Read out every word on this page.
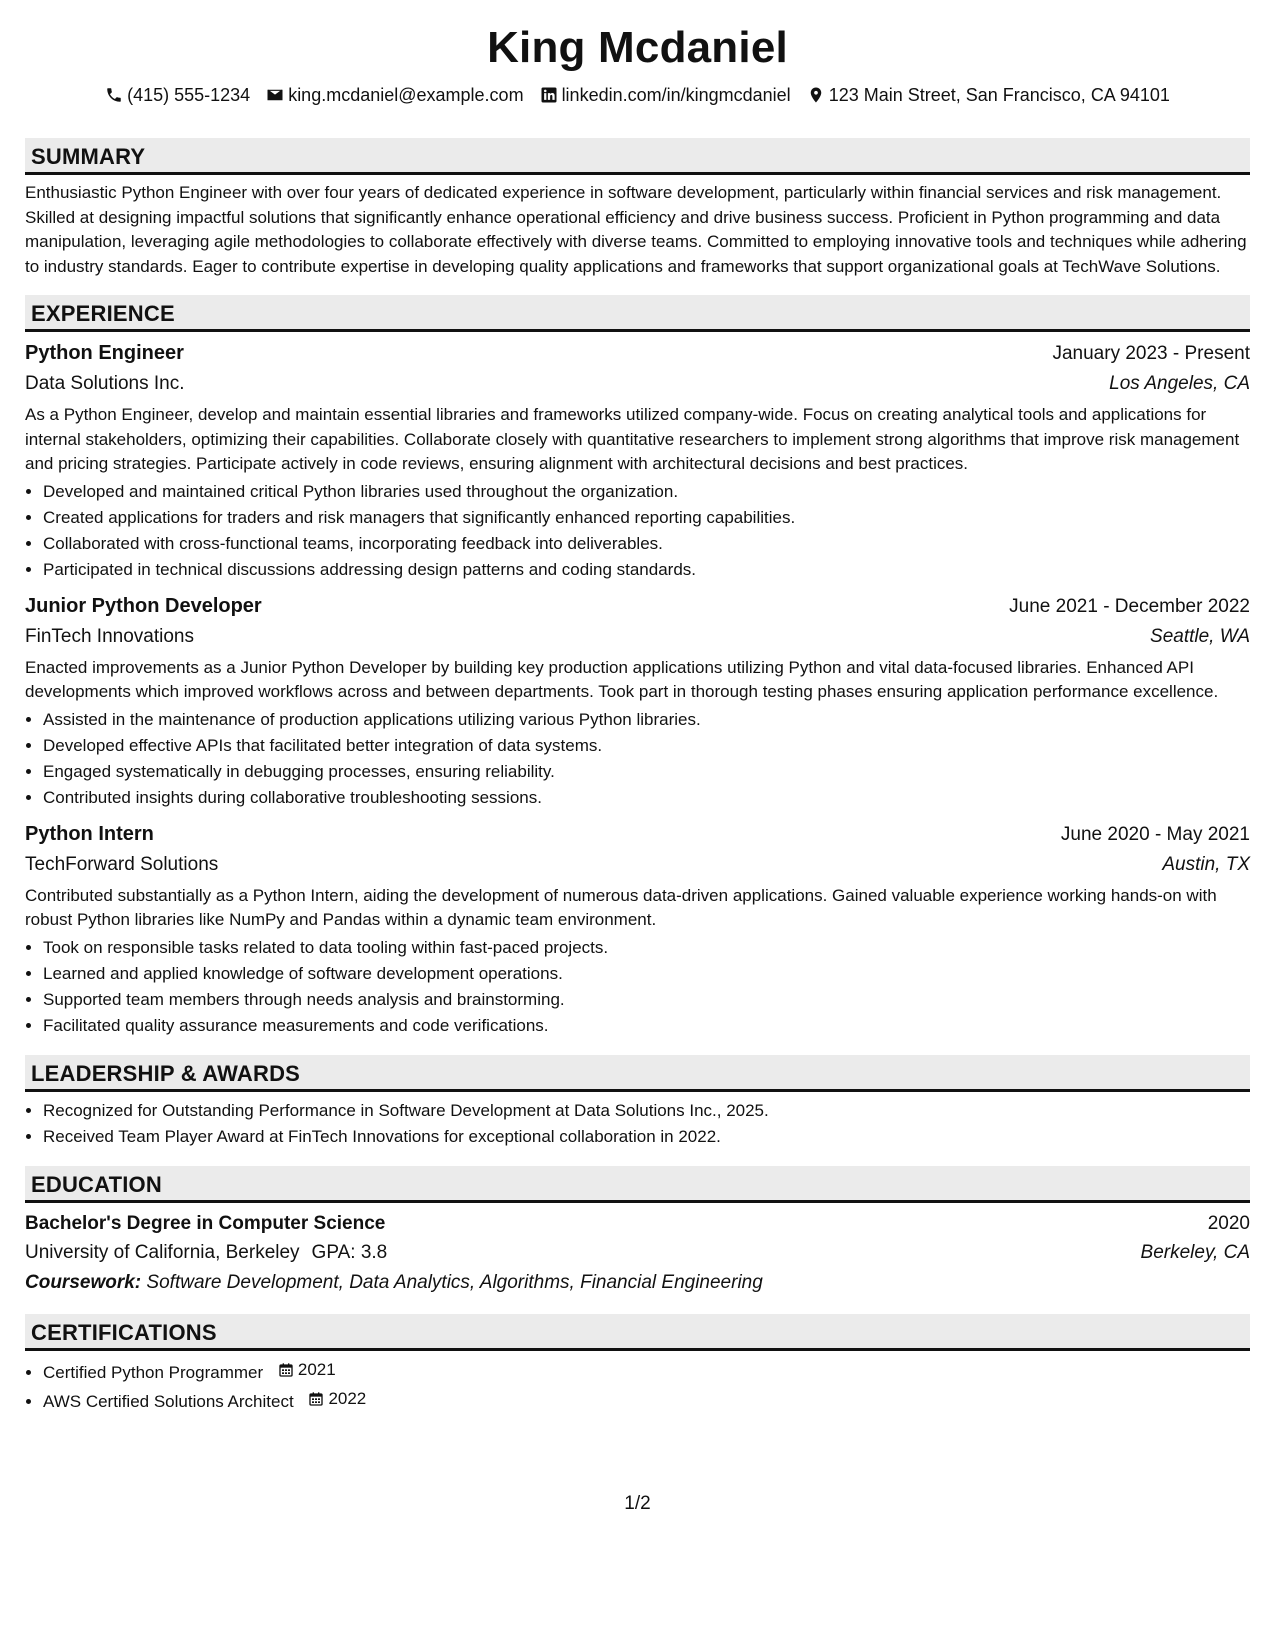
King Mcdaniel
(415) 555-1234 king.mcdaniel@example.com linkedin.com/in/kingmcdaniel 123 Main Street, San Francisco, CA 94101
SUMMARY

Enthusiastic Python Engineer with over four years of dedicated experience in software development, particularly within financial services and risk management. Skilled at designing impactful solutions that significantly enhance operational efficiency and drive business success. Proficient in Python programming and data manipulation, leveraging agile methodologies to collaborate effectively with diverse teams. Committed to employing innovative tools and techniques while adhering to industry standards. Eager to contribute expertise in developing quality applications and frameworks that support organizational goals at TechWave Solutions.

EXPERIENCE
Python Engineer	January 2023 - Present
Data Solutions Inc.	Los Angeles, CA

As a Python Engineer, develop and maintain essential libraries and frameworks utilized company-wide. Focus on creating analytical tools and applications for internal stakeholders, optimizing their capabilities. Collaborate closely with quantitative researchers to implement strong algorithms that improve risk management and pricing strategies. Participate actively in code reviews, ensuring alignment with architectural decisions and best practices.

• Developed and maintained critical Python libraries used throughout the organization.
• Created applications for traders and risk managers that significantly enhanced reporting capabilities.
• Collaborated with cross-functional teams, incorporating feedback into deliverables.
• Participated in technical discussions addressing design patterns and coding standards.
Junior Python Developer	June 2021 - December 2022
FinTech Innovations	Seattle, WA

Enacted improvements as a Junior Python Developer by building key production applications utilizing Python and vital data-focused libraries. Enhanced API developments which improved workflows across and between departments. Took part in thorough testing phases ensuring application performance excellence.

• Assisted in the maintenance of production applications utilizing various Python libraries.
• Developed effective APIs that facilitated better integration of data systems.
• Engaged systematically in debugging processes, ensuring reliability.
• Contributed insights during collaborative troubleshooting sessions.
Python Intern	June 2020 - May 2021
TechForward Solutions	Austin, TX

Contributed substantially as a Python Intern, aiding the development of numerous data-driven applications. Gained valuable experience working hands-on with robust Python libraries like NumPy and Pandas within a dynamic team environment.

• Took on responsible tasks related to data tooling within fast-paced projects.
• Learned and applied knowledge of software development operations.
• Supported team members through needs analysis and brainstorming.
• Facilitated quality assurance measurements and code verifications.
LEADERSHIP & AWARDS
• Recognized for Outstanding Performance in Software Development at Data Solutions Inc., 2025.
• Received Team Player Award at FinTech Innovations for exceptional collaboration in 2022.
EDUCATION
Bachelor's Degree in Computer Science	2020
University of California, Berkeley GPA: 3.8	Berkeley, CA
Coursework: Software Development, Data Analytics, Algorithms, Financial Engineering
CERTIFICATIONS
• Certified Python Programmer 2021
• AWS Certified Solutions Architect 2022
1/2
